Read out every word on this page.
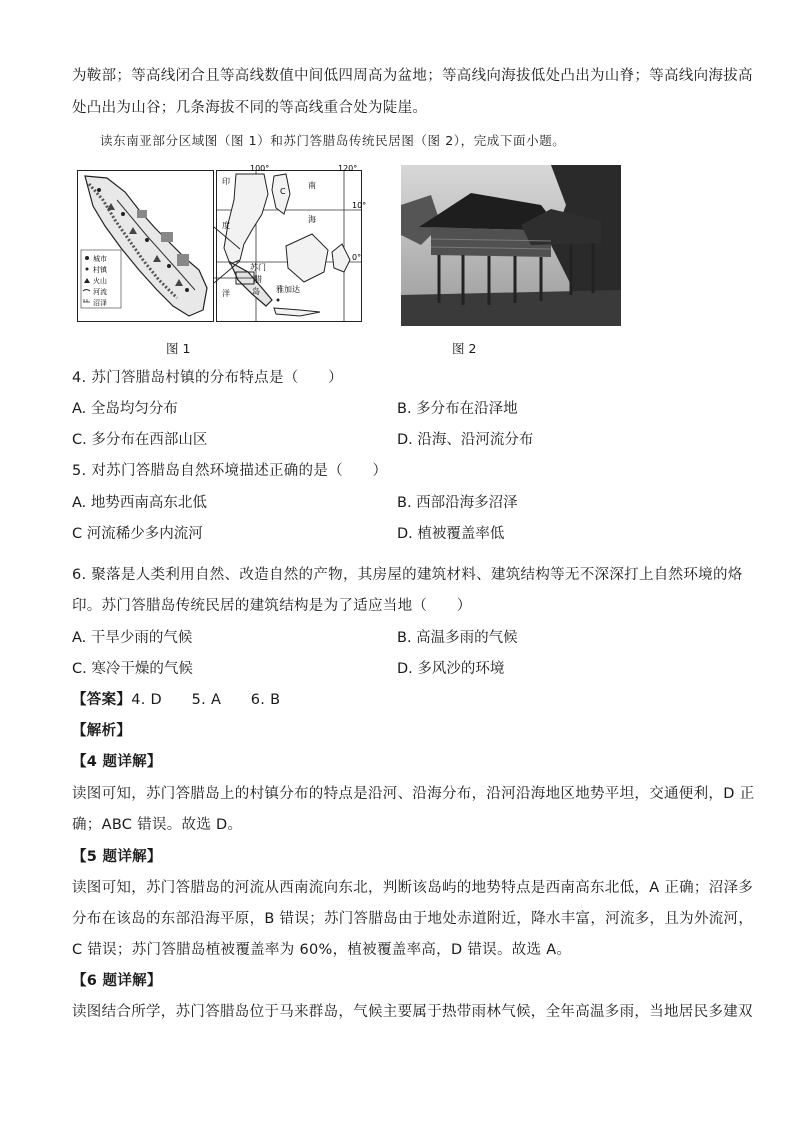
为鞍部；等高线闭合且等高线数值中间低四周高为盆地；等高线向海拔低处凸出为山脊；等高线向海拔高
处凸出为山谷；几条海拔不同的等高线重合处为陡崖。
读东南亚部分区域图（图 1）和苏门答腊岛传统民居图（图 2），完成下面小题。
城市
村镇
火山
河流
沼泽
100°	120°
10°
0°
印
度
洋
南
海
C
苏门
腊
岛 雅加达
图 1	图 2
4. 苏门答腊岛村镇的分布特点是（　　）
A. 全岛均匀分布	B. 多分布在沿泽地
C. 多分布在西部山区	D. 沿海、沿河流分布
5. 对苏门答腊岛自然环境描述正确的是（　　）
A. 地势西南高东北低	B. 西部沿海多沼泽
C 河流稀少多内流河	D. 植被覆盖率低
6. 聚落是人类利用自然、改造自然的产物，其房屋的建筑材料、建筑结构等无不深深打上自然环境的烙
印。苏门答腊岛传统民居的建筑结构是为了适应当地（　　）
A. 干旱少雨的气候	B. 高温多雨的气候
C. 寒冷干燥的气候	D. 多风沙的环境
【答案】4. D　　5. A　　6. B
【解析】
【4 题详解】
读图可知，苏门答腊岛上的村镇分布的特点是沿河、沿海分布，沿河沿海地区地势平坦，交通便利，D 正
确；ABC 错误。故选 D。
【5 题详解】
读图可知，苏门答腊岛的河流从西南流向东北，判断该岛屿的地势特点是西南高东北低，A 正确；沼泽多
分布在该岛的东部沿海平原，B 错误；苏门答腊岛由于地处赤道附近，降水丰富，河流多，且为外流河，
C 错误；苏门答腊岛植被覆盖率为 60%，植被覆盖率高，D 错误。故选 A。
【6 题详解】
读图结合所学，苏门答腊岛位于马来群岛，气候主要属于热带雨林气候，全年高温多雨，当地居民多建双
